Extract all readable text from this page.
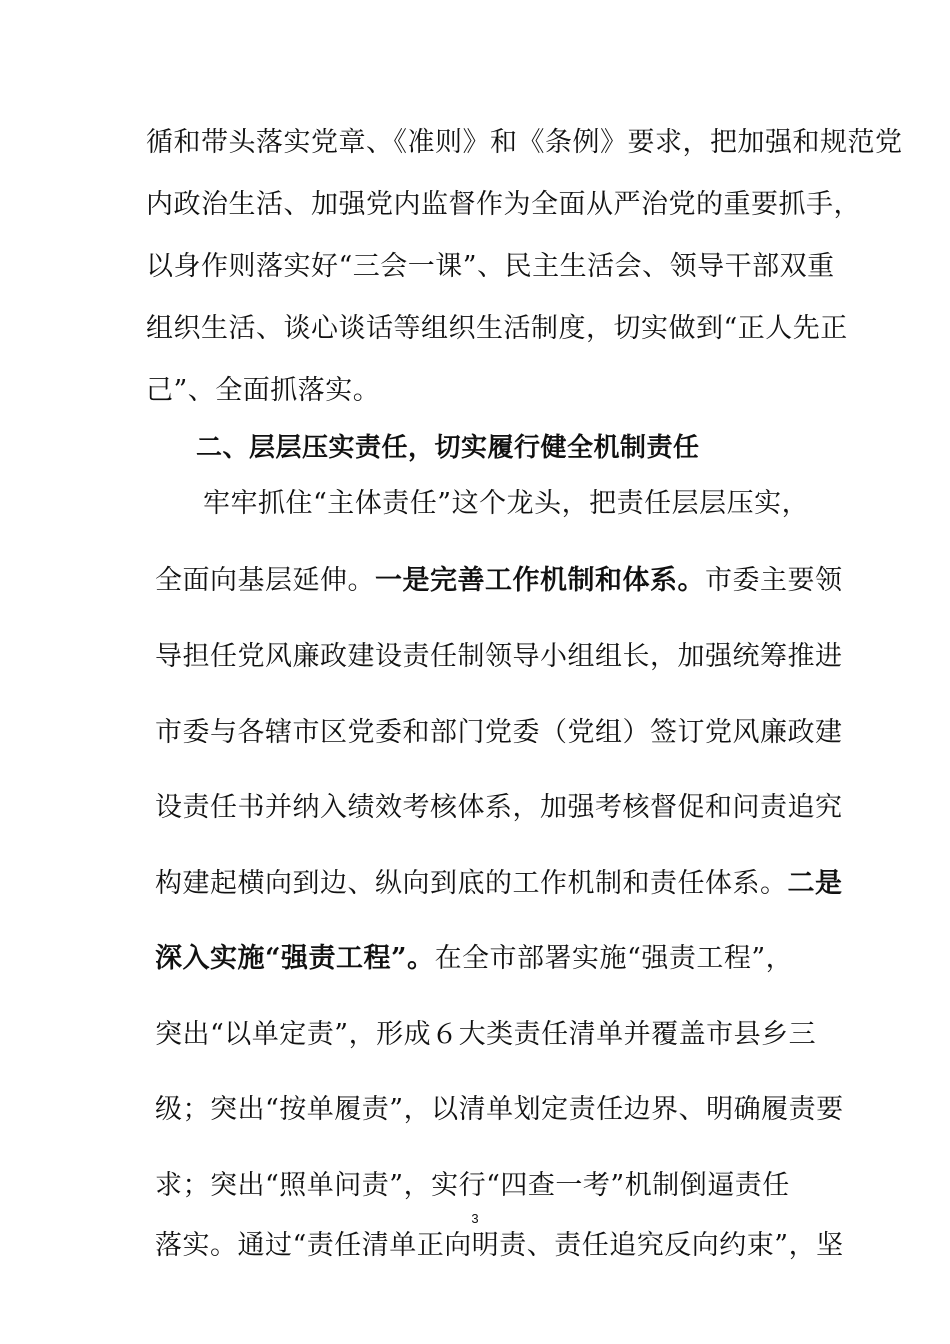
循和带头落实党章、《准则》和《条例》要求，把加强和规范党
内政治生活、加强党内监督作为全面从严治党的重要抓手，
以身作则落实好“三会一课”、民主生活会、领导干部双重
组织生活、谈心谈话等组织生活制度，切实做到“正人先正
己”、全面抓落实。
二、层层压实责任，切实履行健全机制责任
牢牢抓住“主体责任”这个龙头，把责任层层压实，
全面向基层延伸。一是完善工作机制和体系。市委主要领
导担任党风廉政建设责任制领导小组组长，加强统筹推进
市委与各辖市区党委和部门党委（党组）签订党风廉政建
设责任书并纳入绩效考核体系，加强考核督促和问责追究
构建起横向到边、纵向到底的工作机制和责任体系。二是
深入实施“强责工程”。在全市部署实施“强责工程”，
突出“以单定责”，形成６大类责任清单并覆盖市县乡三
级；突出“按单履责”，以清单划定责任边界、明确履责要
求；突出“照单问责”，实行“四查一考”机制倒逼责任
落实。通过“责任清单正向明责、责任追究反向约束”，坚
3
